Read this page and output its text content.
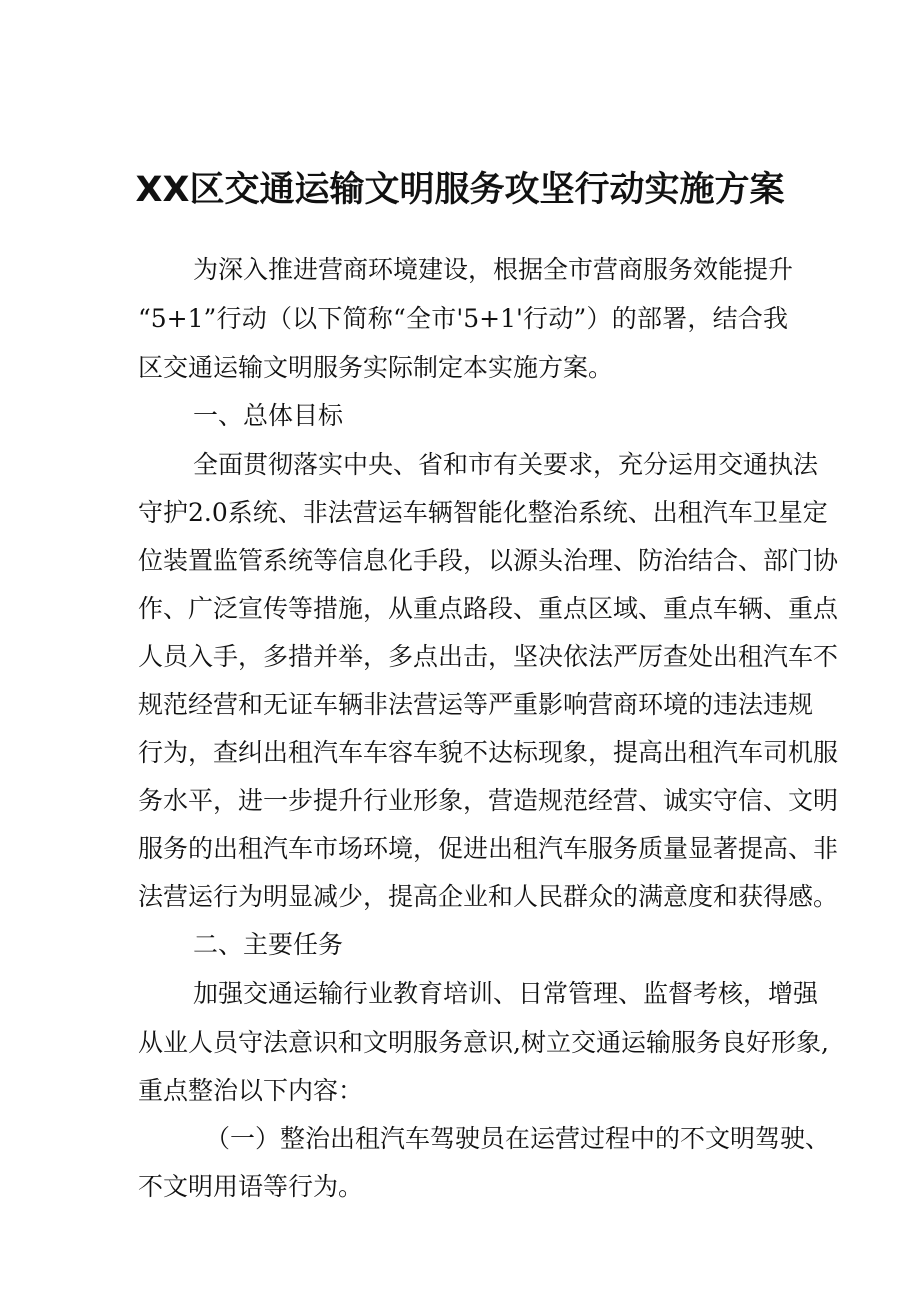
XX区交通运输文明服务攻坚行动实施方案
为深入推进营商环境建设，根据全市营商服务效能提升
“5+1”行动（以下简称“全市'5+1'行动”）的部署，结合我
区交通运输文明服务实际制定本实施方案。
一、总体目标
全面贯彻落实中央、省和市有关要求，充分运用交通执法
守护2.0系统、非法营运车辆智能化整治系统、出租汽车卫星定
位装置监管系统等信息化手段，以源头治理、防治结合、部门协
作、广泛宣传等措施，从重点路段、重点区域、重点车辆、重点
人员入手，多措并举，多点出击，坚决依法严厉查处出租汽车不
规范经营和无证车辆非法营运等严重影响营商环境的违法违规
行为，查纠出租汽车车容车貌不达标现象，提高出租汽车司机服
务水平，进一步提升行业形象，营造规范经营、诚实守信、文明
服务的出租汽车市场环境，促进出租汽车服务质量显著提高、非
法营运行为明显减少，提高企业和人民群众的满意度和获得感。
二、主要任务
加强交通运输行业教育培训、日常管理、监督考核，增强
从业人员守法意识和文明服务意识,树立交通运输服务良好形象,
重点整治以下内容：
（一）整治出租汽车驾驶员在运营过程中的不文明驾驶、
不文明用语等行为。
